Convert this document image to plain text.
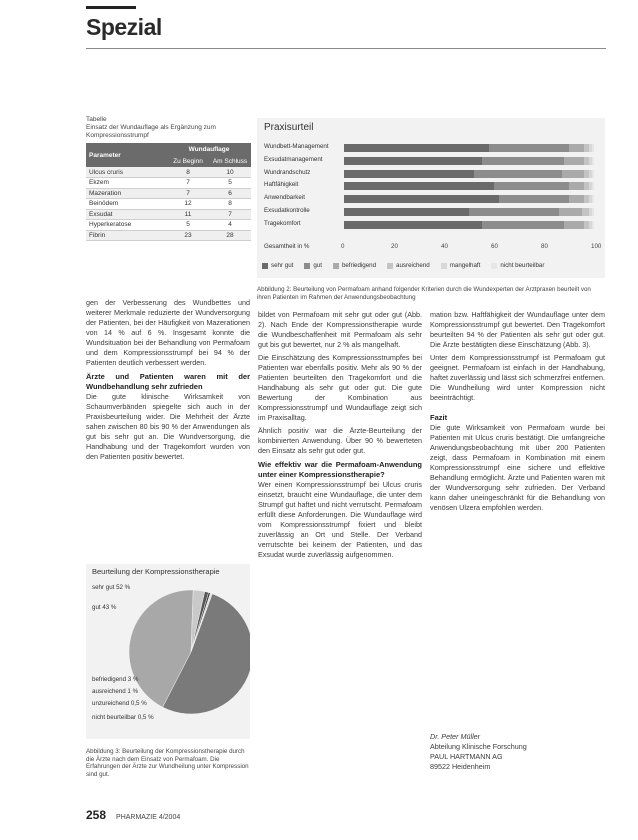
Spezial
Tabelle
Einsatz der Wundauflage als Ergänzung zum Kompressionsstrumpf
Parameter	Wundauflage	
	Zu Beginn	Am Schluss
Ulcus cruris	8	10
Ekzem	7	5
Mazeration	7	6
Beinödem	12	8
Exsudat	11	7
Hyperkeratose	5	4
Fibrin	23	28
Praxisurteil
Wundbett-Management
Exsudatmanagement
Wundrandschutz
Haftfähigkeit
Anwendbarkeit
Exsudatkontrolle
Tragekomfort
Gesamtheit in %	0	20	40	60	80	100
sehr gut	gut	befriedigend	ausreichend	mangelhaft	nicht beurteilbar
Abbildung 2: Beurteilung von Permafoam anhand folgender Kriterien durch die Wundexperten der Arztpraxen beurteilt von ihren Patienten im Rahmen der Anwendungsbeobachtung

gen der Verbesserung des Wundbettes und weiterer Merkmale reduzierte der Wundversorgung der Patienten, bei der Häufigkeit von Mazerationen von 14 % auf 6 %. Insgesamt konnte die Wundsituation bei der Behandlung von Permafoam und dem Kompressionsstrumpf bei 94 % der Patienten deutlich verbessert werden.

Ärzte und Patienten waren mit der Wundbehandlung sehr zufrieden

Die gute klinische Wirksamkeit von Schaumverbänden spiegelte sich auch in der Praxisbeurteilung wider. Die Mehrheit der Ärzte sahen zwischen 80 bis 90 % der Anwendungen als gut bis sehr gut an. Die Wundversorgung, die Handhabung und der Tragekomfort wurden von den Patienten positiv bewertet.

Beurteilung der Kompressionstherapie
sehr gut 52 %
gut 43 %
befriedigend 3 %
ausreichend 1 %
unzureichend 0,5 %
nicht beurteilbar 0,5 %
Abbildung 3: Beurteilung der Kompressionstherapie durch die Ärzte nach dem Einsatz von Permafoam. Die Erfahrungen der Ärzte zur Wundheilung unter Kompression sind gut.

bildet von Permafoam mit sehr gut oder gut (Abb. 2). Nach Ende der Kompressionstherapie wurde die Wundbeschaffenheit mit Permafoam als sehr gut bis gut bewertet, nur 2 % als mangelhaft.

Die Einschätzung des Kompressionsstrumpfes bei Patienten war ebenfalls positiv. Mehr als 90 % der Patienten beurteilten den Tragekomfort und die Handhabung als sehr gut oder gut. Die gute Bewertung der Kombination aus Kompressionsstrumpf und Wundauflage zeigt sich im Praxisalltag.

Ähnlich positiv war die Ärzte-Beurteilung der kombinierten Anwendung. Über 90 % bewerteten den Einsatz als sehr gut oder gut.

Wie effektiv war die Permafoam-Anwendung unter einer Kompressionstherapie?

Wer einen Kompressionsstrumpf bei Ulcus cruris einsetzt, braucht eine Wundauflage, die unter dem Strumpf gut haftet und nicht verrutscht. Permafoam erfüllt diese Anforderungen. Die Wundauflage wird vom Kompressionsstrumpf fixiert und bleibt zuverlässig an Ort und Stelle. Der Verband verrutschte bei keinem der Patienten, und das Exsudat wurde zuverlässig aufgenommen.

mation bzw. Haftfähigkeit der Wundauflage unter dem Kompressionsstrumpf gut bewertet. Den Tragekomfort beurteilten 94 % der Patienten als sehr gut oder gut. Die Ärzte bestätigten diese Einschätzung (Abb. 3).

Unter dem Kompressionsstrumpf ist Permafoam gut geeignet. Permafoam ist einfach in der Handhabung, haftet zuverlässig und lässt sich schmerzfrei entfernen. Die Wundheilung wird unter Kompression nicht beeinträchtigt.

Fazit

Die gute Wirksamkeit von Permafoam wurde bei Patienten mit Ulcus cruris bestätigt. Die umfangreiche Anwendungsbeobachtung mit über 200 Patienten zeigt, dass Permafoam in Kombination mit einem Kompressionsstrumpf eine sichere und effektive Behandlung ermöglicht. Ärzte und Patienten waren mit der Wundversorgung sehr zufrieden. Der Verband kann daher uneingeschränkt für die Behandlung von venösen Ulzera empfohlen werden.

Dr. Peter Müller
Abteilung Klinische Forschung
PAUL HARTMANN AG
89522 Heidenheim
258 PHARMAZIE 4/2004
